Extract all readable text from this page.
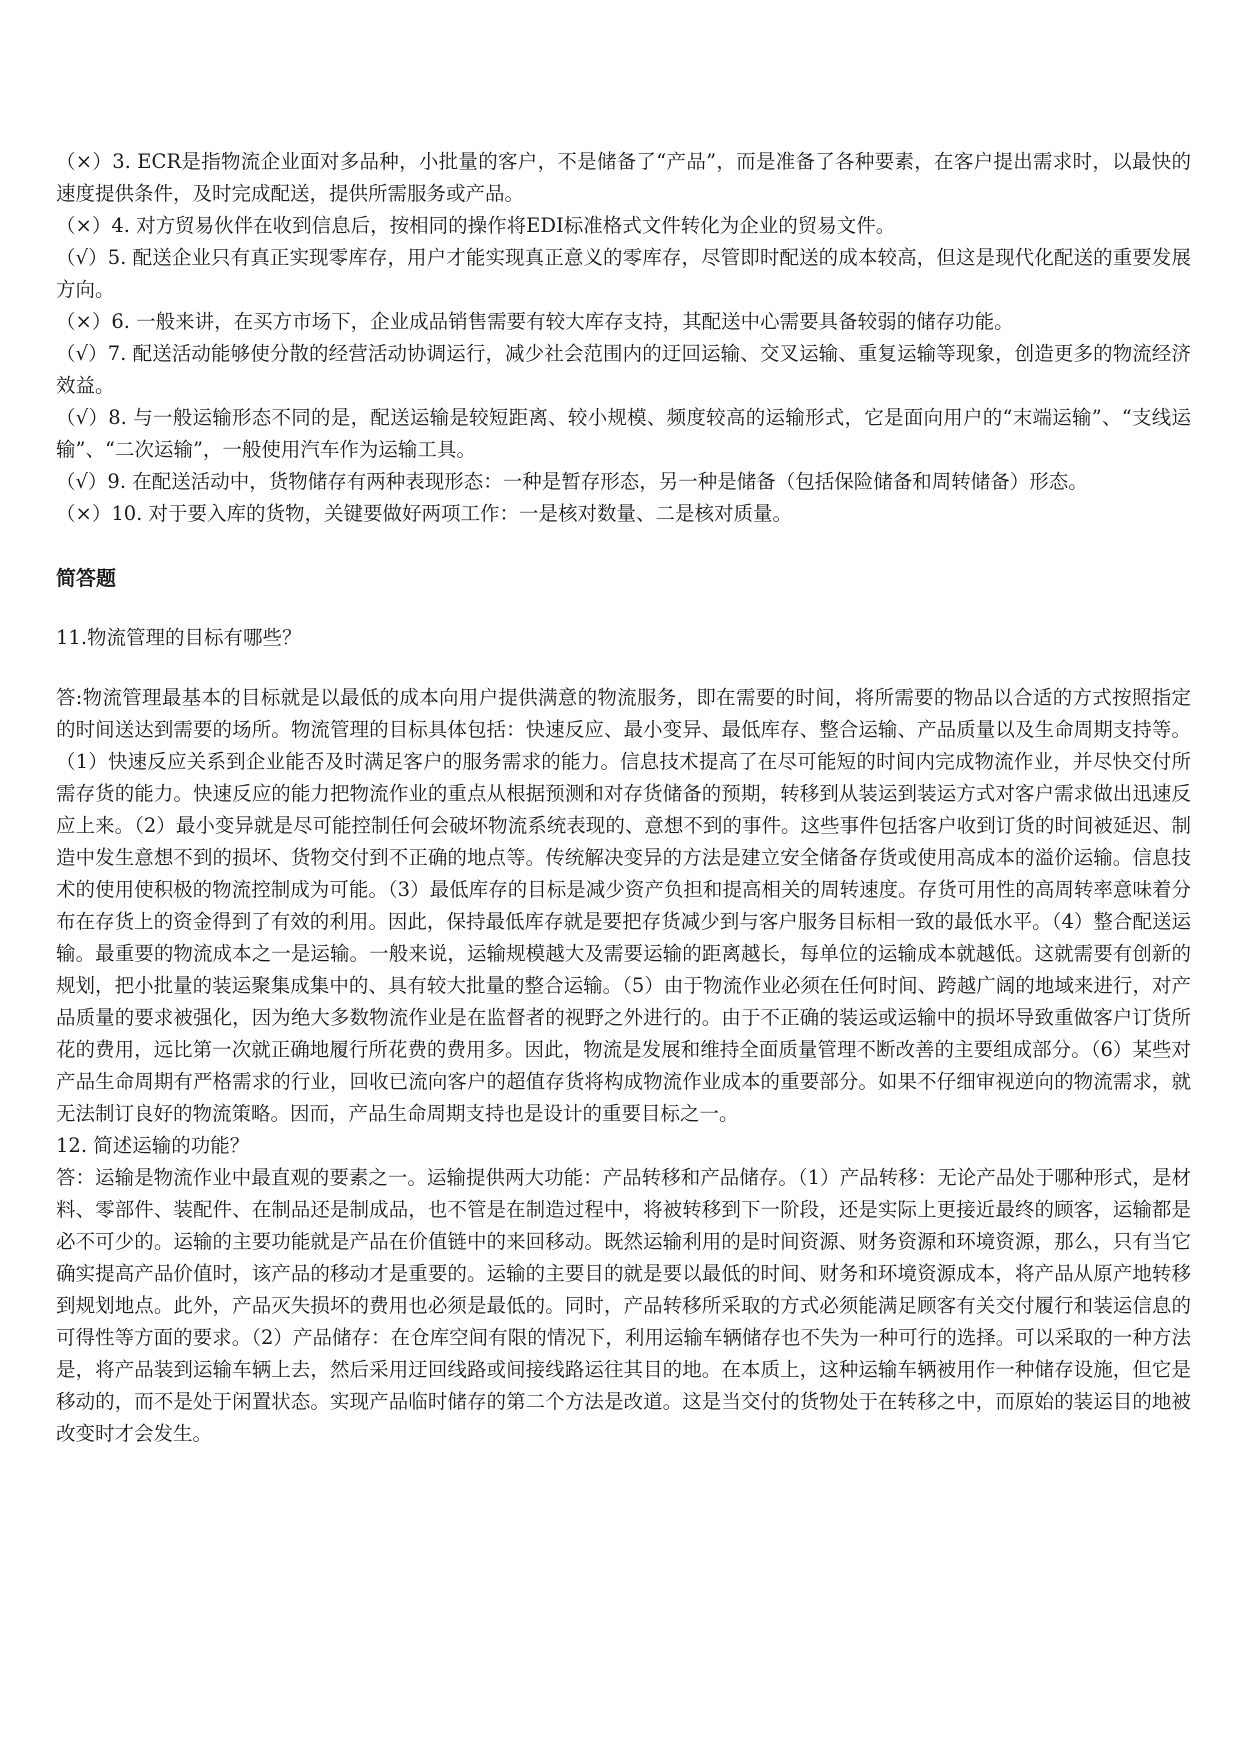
（×）3. ECR是指物流企业面对多品种，小批量的客户，不是储备了“产品”，而是准备了各种要素，在客户提出需求时，以最快的速度提供条件，及时完成配送，提供所需服务或产品。

（×）4. 对方贸易伙伴在收到信息后，按相同的操作将EDI标准格式文件转化为企业的贸易文件。

（√）5. 配送企业只有真正实现零库存，用户才能实现真正意义的零库存，尽管即时配送的成本较高，但这是现代化配送的重要发展方向。

（×）6. 一般来讲，在买方市场下，企业成品销售需要有较大库存支持，其配送中心需要具备较弱的储存功能。

（√）7. 配送活动能够使分散的经营活动协调运行，减少社会范围内的迂回运输、交叉运输、重复运输等现象，创造更多的物流经济效益。

（√）8. 与一般运输形态不同的是，配送运输是较短距离、较小规模、频度较高的运输形式，它是面向用户的“末端运输”、“支线运输”、“二次运输”，一般使用汽车作为运输工具。

（√）9. 在配送活动中，货物储存有两种表现形态：一种是暂存形态，另一种是储备（包括保险储备和周转储备）形态。

（×）10. 对于要入库的货物，关键要做好两项工作：一是核对数量、二是核对质量。

简答题

11.物流管理的目标有哪些？

答:物流管理最基本的目标就是以最低的成本向用户提供满意的物流服务，即在需要的时间，将所需要的物品以合适的方式按照指定的时间送达到需要的场所。物流管理的目标具体包括：快速反应、最小变异、最低库存、整合运输、产品质量以及生命周期支持等。（1）快速反应关系到企业能否及时满足客户的服务需求的能力。信息技术提高了在尽可能短的时间内完成物流作业，并尽快交付所需存货的能力。快速反应的能力把物流作业的重点从根据预测和对存货储备的预期，转移到从装运到装运方式对客户需求做出迅速反应上来。（2）最小变异就是尽可能控制任何会破坏物流系统表现的、意想不到的事件。这些事件包括客户收到订货的时间被延迟、制造中发生意想不到的损坏、货物交付到不正确的地点等。传统解决变异的方法是建立安全储备存货或使用高成本的溢价运输。信息技术的使用使积极的物流控制成为可能。（3）最低库存的目标是减少资产负担和提高相关的周转速度。存货可用性的高周转率意味着分布在存货上的资金得到了有效的利用。因此，保持最低库存就是要把存货减少到与客户服务目标相一致的最低水平。（4）整合配送运输。最重要的物流成本之一是运输。一般来说，运输规模越大及需要运输的距离越长，每单位的运输成本就越低。这就需要有创新的规划，把小批量的装运聚集成集中的、具有较大批量的整合运输。（5）由于物流作业必须在任何时间、跨越广阔的地域来进行，对产品质量的要求被强化，因为绝大多数物流作业是在监督者的视野之外进行的。由于不正确的装运或运输中的损坏导致重做客户订货所花的费用，远比第一次就正确地履行所花费的费用多。因此，物流是发展和维持全面质量管理不断改善的主要组成部分。（6）某些对产品生命周期有严格需求的行业，回收已流向客户的超值存货将构成物流作业成本的重要部分。如果不仔细审视逆向的物流需求，就无法制订良好的物流策略。因而，产品生命周期支持也是设计的重要目标之一。

12. 简述运输的功能？

答：运输是物流作业中最直观的要素之一。运输提供两大功能：产品转移和产品储存。（1）产品转移：无论产品处于哪种形式，是材料、零部件、装配件、在制品还是制成品，也不管是在制造过程中，将被转移到下一阶段，还是实际上更接近最终的顾客，运输都是必不可少的。运输的主要功能就是产品在价值链中的来回移动。既然运输利用的是时间资源、财务资源和环境资源，那么，只有当它确实提高产品价值时，该产品的移动才是重要的。运输的主要目的就是要以最低的时间、财务和环境资源成本，将产品从原产地转移到规划地点。此外，产品灭失损坏的费用也必须是最低的。同时，产品转移所采取的方式必须能满足顾客有关交付履行和装运信息的可得性等方面的要求。（2）产品储存：在仓库空间有限的情况下，利用运输车辆储存也不失为一种可行的选择。可以采取的一种方法是，将产品装到运输车辆上去，然后采用迂回线路或间接线路运往其目的地。在本质上，这种运输车辆被用作一种储存设施，但它是移动的，而不是处于闲置状态。实现产品临时储存的第二个方法是改道。这是当交付的货物处于在转移之中，而原始的装运目的地被改变时才会发生。
